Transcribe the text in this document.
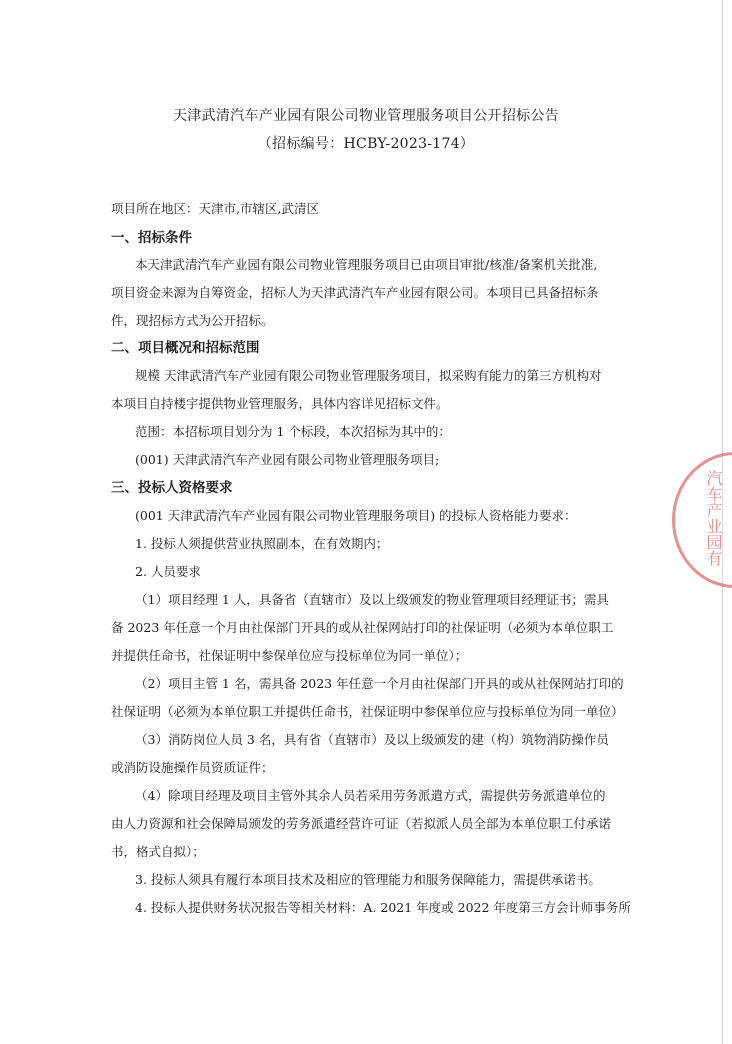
天津武清汽车产业园有限公司物业管理服务项目公开招标公告
（招标编号：HCBY-2023-174）
项目所在地区：天津市,市辖区,武清区
一、招标条件
本天津武清汽车产业园有限公司物业管理服务项目已由项目审批/核准/备案机关批准,
项目资金来源为自筹资金，招标人为天津武清汽车产业园有限公司。本项目已具备招标条
件，现招标方式为公开招标。
二、项目概况和招标范围
规模 天津武清汽车产业园有限公司物业管理服务项目，拟采购有能力的第三方机构对
本项目自持楼宇提供物业管理服务，具体内容详见招标文件。
范围：本招标项目划分为 1 个标段，本次招标为其中的：
(001) 天津武清汽车产业园有限公司物业管理服务项目;
三、投标人资格要求
(001 天津武清汽车产业园有限公司物业管理服务项目) 的投标人资格能力要求：
1. 投标人须提供营业执照副本，在有效期内；
2. 人员要求
（1）项目经理 1 人，具备省（直辖市）及以上级颁发的物业管理项目经理证书；需具
备 2023 年任意一个月由社保部门开具的或从社保网站打印的社保证明（必须为本单位职工
并提供任命书，社保证明中参保单位应与投标单位为同一单位）；
（2）项目主管 1 名，需具备 2023 年任意一个月由社保部门开具的或从社保网站打印的
社保证明（必须为本单位职工并提供任命书，社保证明中参保单位应与投标单位为同一单位）
（3）消防岗位人员 3 名，具有省（直辖市）及以上级颁发的建（构）筑物消防操作员
或消防设施操作员资质证件；
（4）除项目经理及项目主管外其余人员若采用劳务派遣方式，需提供劳务派遣单位的
由人力资源和社会保障局颁发的劳务派遣经营许可证（若拟派人员全部为本单位职工付承诺
书，格式自拟）；
3. 投标人须具有履行本项目技术及相应的管理能力和服务保障能力，需提供承诺书。
4. 投标人提供财务状况报告等相关材料：A. 2021 年度或 2022 年度第三方会计师事务所
汽车产业园有
